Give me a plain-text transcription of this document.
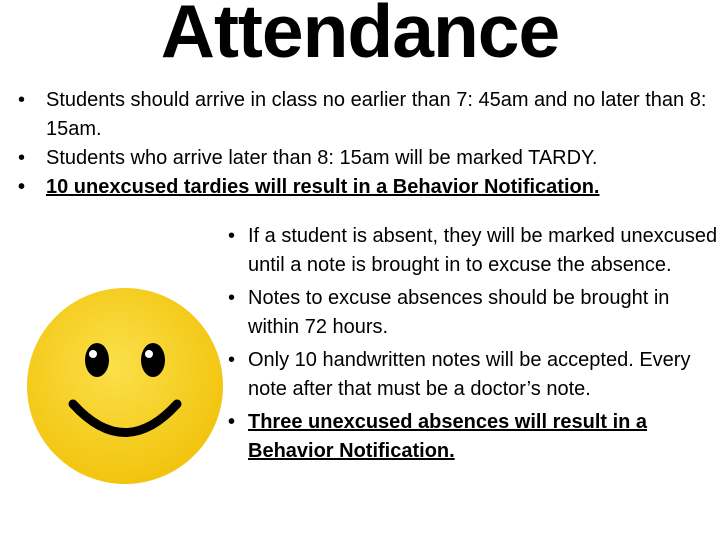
Attendance
• Students should arrive in class no earlier than 7: 45am and no later than 8: 15am.
• Students who arrive later than 8: 15am will be marked TARDY.
• 10 unexcused tardies will result in a Behavior Notification.
• If a student is absent, they will be marked unexcused until a note is brought in to excuse the absence.
• Notes to excuse absences should be brought in within 72 hours.
• Only 10 handwritten notes will be accepted. Every note after that must be a doctor’s note.
• Three unexcused absences will result in a Behavior Notification.
